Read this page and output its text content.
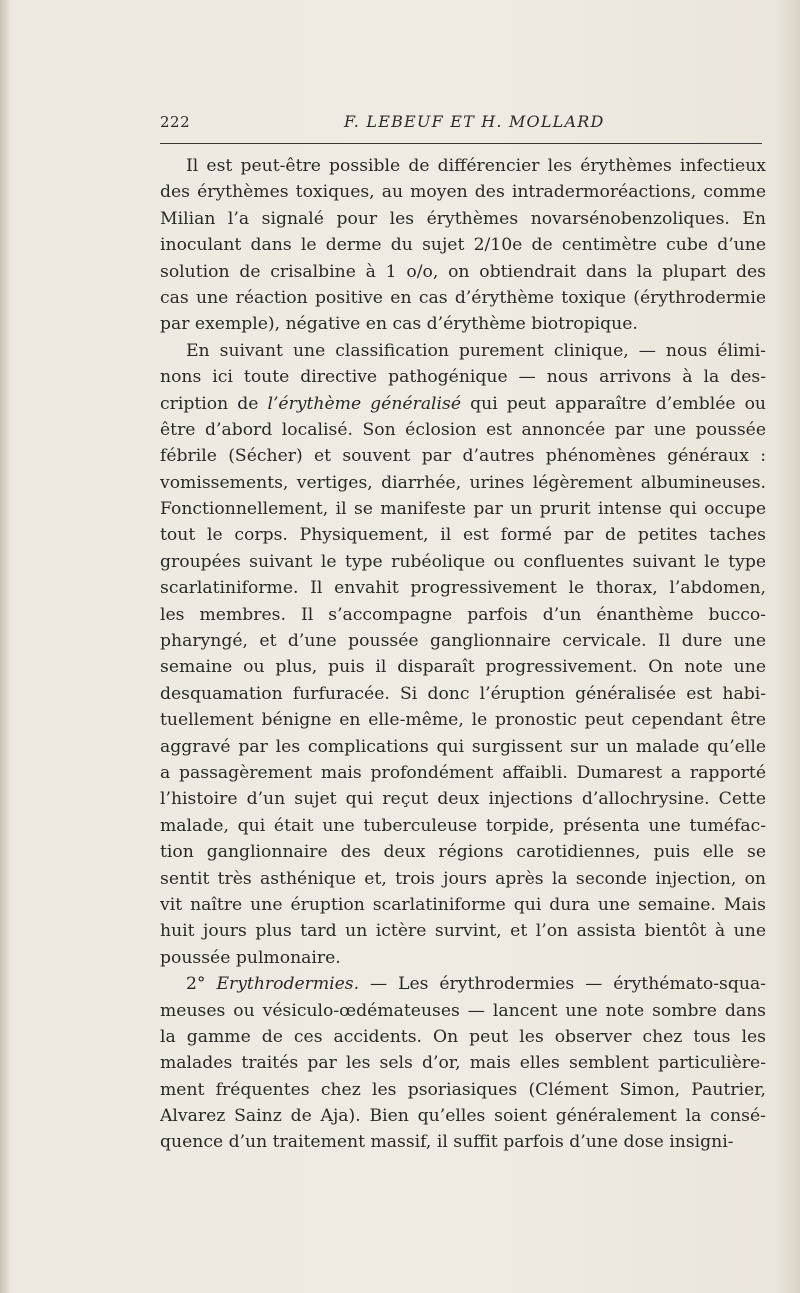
222	F. LEBEUF ET H. MOLLARD
Il est peut-être possible de différencier les érythèmes infectieux
des érythèmes toxiques, au moyen des intradermoréactions, comme
Milian l’a signalé pour les érythèmes novarsénobenzoliques. En
inoculant dans le derme du sujet 2/10e de centimètre cube d’une
solution de crisalbine à 1 o/o, on obtiendrait dans la plupart des
cas une réaction positive en cas d’érythème toxique (érythrodermie
par exemple), négative en cas d’érythème biotropique.
En suivant une classification purement clinique, — nous élimi-
nons ici toute directive pathogénique — nous arrivons à la des-
cription de l’érythème généralisé qui peut apparaître d’emblée ou
être d’abord localisé. Son éclosion est annoncée par une poussée
fébrile (Sécher) et souvent par d’autres phénomènes généraux :
vomissements, vertiges, diarrhée, urines légèrement albumineuses.
Fonctionnellement, il se manifeste par un prurit intense qui occupe
tout le corps. Physiquement, il est formé par de petites taches
groupées suivant le type rubéolique ou confluentes suivant le type
scarlatiniforme. Il envahit progressivement le thorax, l’abdomen,
les membres. Il s’accompagne parfois d’un énanthème bucco-
pharyngé, et d’une poussée ganglionnaire cervicale. Il dure une
semaine ou plus, puis il disparaît progressivement. On note une
desquamation furfuracée. Si donc l’éruption généralisée est habi-
tuellement bénigne en elle-même, le pronostic peut cependant être
aggravé par les complications qui surgissent sur un malade qu’elle
a passagèrement mais profondément affaibli. Dumarest a rapporté
l’histoire d’un sujet qui reçut deux injections d’allochrysine. Cette
malade, qui était une tuberculeuse torpide, présenta une tuméfac-
tion ganglionnaire des deux régions carotidiennes, puis elle se
sentit très asthénique et, trois jours après la seconde injection, on
vit naître une éruption scarlatiniforme qui dura une semaine. Mais
huit jours plus tard un ictère survint, et l’on assista bientôt à une
poussée pulmonaire.
2° Erythrodermies. — Les érythrodermies — érythémato-squa-
meuses ou vésiculo-œdémateuses — lancent une note sombre dans
la gamme de ces accidents. On peut les observer chez tous les
malades traités par les sels d’or, mais elles semblent particulière-
ment fréquentes chez les psoriasiques (Clément Simon, Pautrier,
Alvarez Sainz de Aja). Bien qu’elles soient généralement la consé-
quence d’un traitement massif, il suffit parfois d’une dose insigni-
